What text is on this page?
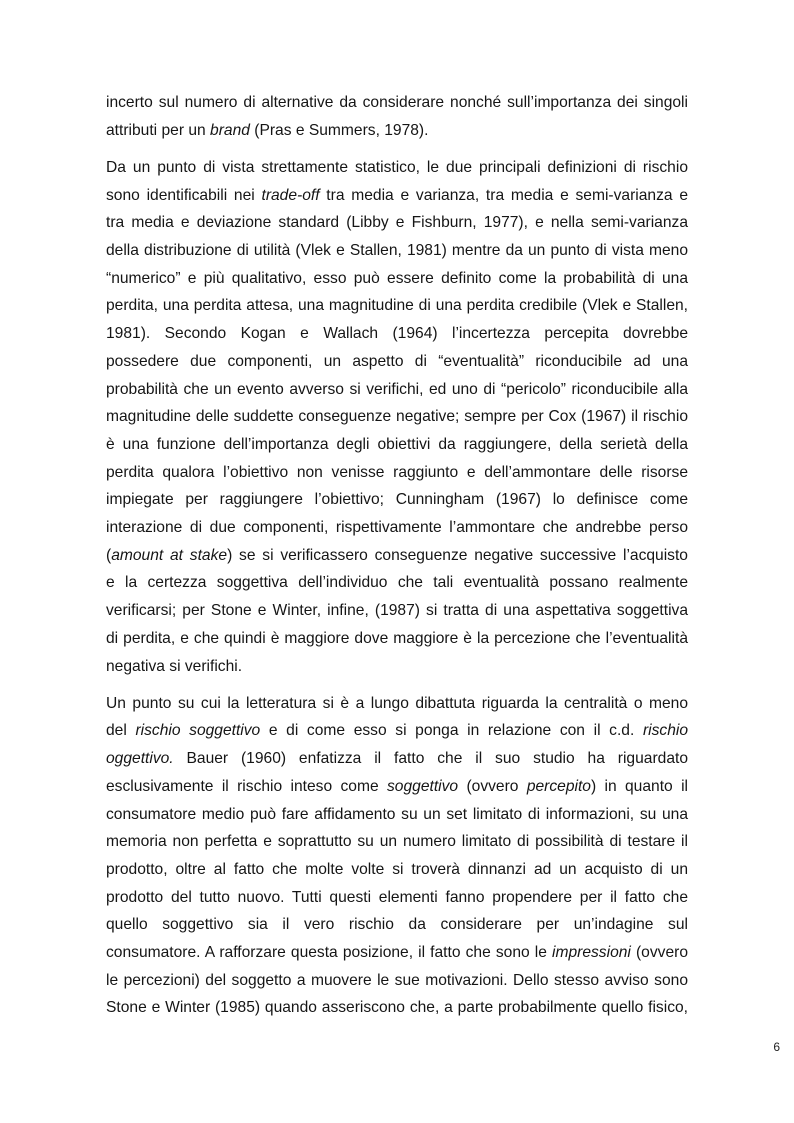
incerto sul numero di alternative da considerare nonché sull’importanza dei singoli
attributi per un brand (Pras e Summers, 1978).
Da un punto di vista strettamente statistico, le due principali definizioni di rischio
sono identificabili nei trade-off tra media e varianza, tra media e semi-varianza e
tra media e deviazione standard (Libby e Fishburn, 1977), e nella semi-varianza
della distribuzione di utilità (Vlek e Stallen, 1981) mentre da un punto di vista meno
“numerico” e più qualitativo, esso può essere definito come la probabilità di una
perdita, una perdita attesa, una magnitudine di una perdita credibile (Vlek e Stallen,
1981). Secondo Kogan e Wallach (1964) l’incertezza percepita dovrebbe
possedere due componenti, un aspetto di “eventualità” riconducibile ad una
probabilità che un evento avverso si verifichi, ed uno di “pericolo” riconducibile alla
magnitudine delle suddette conseguenze negative; sempre per Cox (1967) il rischio
è una funzione dell’importanza degli obiettivi da raggiungere, della serietà della
perdita qualora l’obiettivo non venisse raggiunto e dell’ammontare delle risorse
impiegate per raggiungere l’obiettivo; Cunningham (1967) lo definisce come
interazione di due componenti, rispettivamente l’ammontare che andrebbe perso
(amount at stake) se si verificassero conseguenze negative successive l’acquisto
e la certezza soggettiva dell’individuo che tali eventualità possano realmente
verificarsi; per Stone e Winter, infine, (1987) si tratta di una aspettativa soggettiva
di perdita, e che quindi è maggiore dove maggiore è la percezione che l’eventualità
negativa si verifichi.
Un punto su cui la letteratura si è a lungo dibattuta riguarda la centralità o meno
del rischio soggettivo e di come esso si ponga in relazione con il c.d. rischio
oggettivo. Bauer (1960) enfatizza il fatto che il suo studio ha riguardato
esclusivamente il rischio inteso come soggettivo (ovvero percepito) in quanto il
consumatore medio può fare affidamento su un set limitato di informazioni, su una
memoria non perfetta e soprattutto su un numero limitato di possibilità di testare il
prodotto, oltre al fatto che molte volte si troverà dinnanzi ad un acquisto di un
prodotto del tutto nuovo. Tutti questi elementi fanno propendere per il fatto che
quello soggettivo sia il vero rischio da considerare per un’indagine sul
consumatore. A rafforzare questa posizione, il fatto che sono le impressioni (ovvero
le percezioni) del soggetto a muovere le sue motivazioni. Dello stesso avviso sono
Stone e Winter (1985) quando asseriscono che, a parte probabilmente quello fisico,
6
